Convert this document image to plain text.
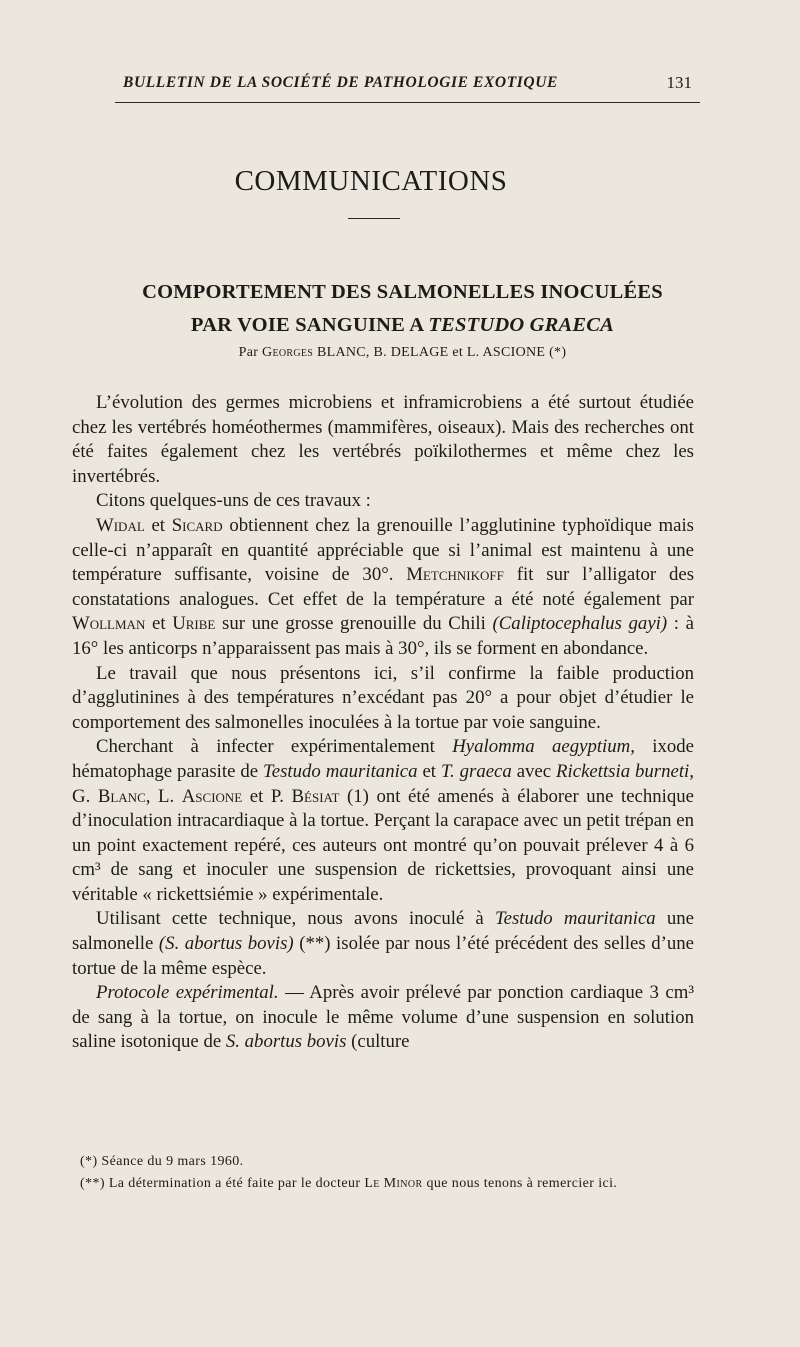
BULLETIN DE LA SOCIÉTÉ DE PATHOLOGIE EXOTIQUE	131
COMMUNICATIONS
COMPORTEMENT DES SALMONELLES INOCULÉES
PAR VOIE SANGUINE A TESTUDO GRAECA
Par Georges BLANC, B. DELAGE et L. ASCIONE (*)

L’évolution des germes microbiens et inframicrobiens a été surtout étudiée chez les vertébrés homéothermes (mammifères, oiseaux). Mais des recherches ont été faites également chez les vertébrés poïkilothermes et même chez les invertébrés.

Citons quelques-uns de ces travaux :

Widal et Sicard obtiennent chez la grenouille l’agglutinine typhoïdique mais celle-ci n’apparaît en quantité appréciable que si l’animal est maintenu à une température suffisante, voisine de 30°. Metchnikoff fit sur l’alligator des constatations analogues. Cet effet de la température a été noté également par Wollman et Uribe sur une grosse grenouille du Chili (Caliptocephalus gayi) : à 16° les anticorps n’apparaissent pas mais à 30°, ils se forment en abondance.

Le travail que nous présentons ici, s’il confirme la faible production d’agglutinines à des températures n’excédant pas 20° a pour objet d’étudier le comportement des salmonelles inoculées à la tortue par voie sanguine.

Cherchant à infecter expérimentalement Hyalomma aegyptium, ixode hématophage parasite de Testudo mauritanica et T. graeca avec Rickettsia burneti, G. Blanc, L. Ascione et P. Bésiat (1) ont été amenés à élaborer une technique d’inoculation intracardiaque à la tortue. Perçant la carapace avec un petit trépan en un point exactement repéré, ces auteurs ont montré qu’on pouvait prélever 4 à 6 cm³ de sang et inoculer une suspension de rickettsies, provoquant ainsi une véritable « rickettsiémie » expérimentale.

Utilisant cette technique, nous avons inoculé à Testudo mauritanica une salmonelle (S. abortus bovis) (**) isolée par nous l’été précédent des selles d’une tortue de la même espèce.

Protocole expérimental. — Après avoir prélevé par ponction cardiaque 3 cm³ de sang à la tortue, on inocule le même volume d’une suspension en solution saline isotonique de S. abortus bovis (culture

(*) Séance du 9 mars 1960.

(**) La détermination a été faite par le docteur Le Minor que nous tenons à remercier ici.
